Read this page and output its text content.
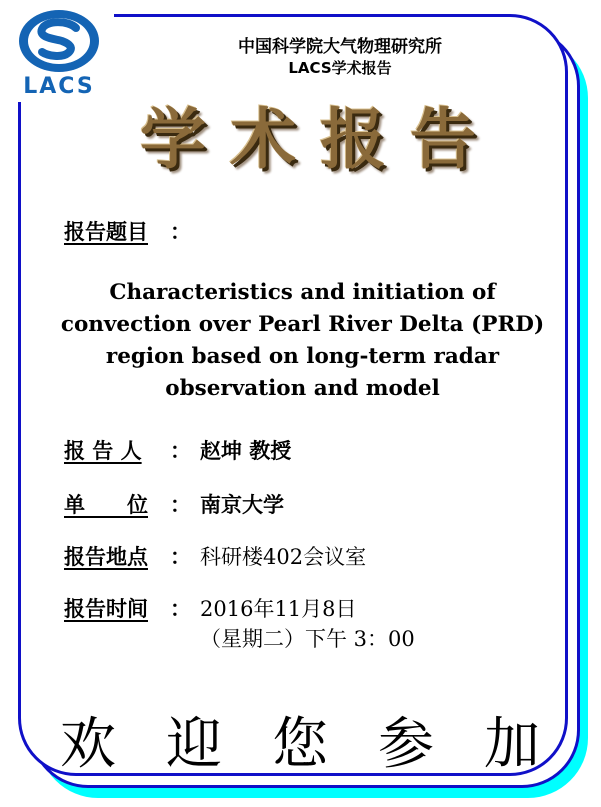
LACS
中国科学院大气物理研究所
LACS学术报告
学术报告
报告题目 ：
Characteristics and initiation of
convection over Pearl River Delta (PRD)
region based on long-term radar
observation and model
报 告 人 ： 赵坤 教授
单　　位 ： 南京大学
报告地点 ： 科研楼402会议室
报告时间 ： 2016年11月8日
（星期二）下午 3：00
欢 迎 您 参 加
